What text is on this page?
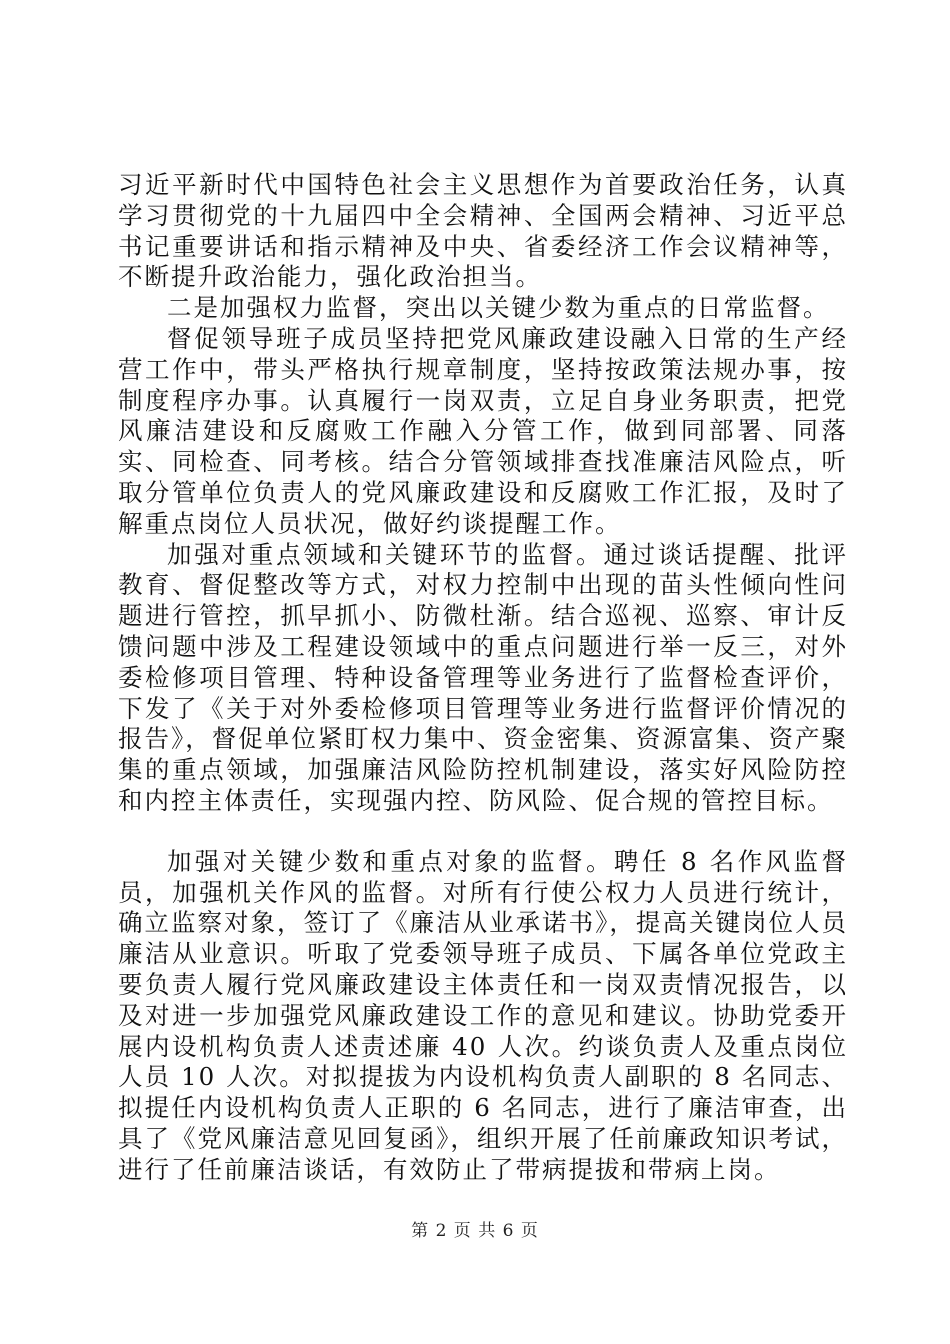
习近平新时代中国特色社会主义思想作为首要政治任务，认真学习贯彻党的十九届四中全会精神、全国两会精神、习近平总书记重要讲话和指示精神及中央、省委经济工作会议精神等，不断提升政治能力，强化政治担当。

二是加强权力监督，突出以关键少数为重点的日常监督。

督促领导班子成员坚持把党风廉政建设融入日常的生产经营工作中，带头严格执行规章制度，坚持按政策法规办事，按制度程序办事。认真履行一岗双责，立足自身业务职责，把党风廉洁建设和反腐败工作融入分管工作，做到同部署、同落实、同检查、同考核。结合分管领域排查找准廉洁风险点，听取分管单位负责人的党风廉政建设和反腐败工作汇报，及时了解重点岗位人员状况，做好约谈提醒工作。

加强对重点领域和关键环节的监督。通过谈话提醒、批评教育、督促整改等方式，对权力控制中出现的苗头性倾向性问题进行管控，抓早抓小、防微杜渐。结合巡视、巡察、审计反馈问题中涉及工程建设领域中的重点问题进行举一反三，对外委检修项目管理、特种设备管理等业务进行了监督检查评价，下发了《关于对外委检修项目管理等业务进行监督评价情况的报告》，督促单位紧盯权力集中、资金密集、资源富集、资产聚集的重点领域，加强廉洁风险防控机制建设，落实好风险防控和内控主体责任，实现强内控、防风险、促合规的管控目标。

加强对关键少数和重点对象的监督。聘任 8 名作风监督员，加强机关作风的监督。对所有行使公权力人员进行统计，确立监察对象，签订了《廉洁从业承诺书》，提高关键岗位人员廉洁从业意识。听取了党委领导班子成员、下属各单位党政主要负责人履行党风廉政建设主体责任和一岗双责情况报告，以及对进一步加强党风廉政建设工作的意见和建议。协助党委开展内设机构负责人述责述廉 40 人次。约谈负责人及重点岗位人员 10 人次。对拟提拔为内设机构负责人副职的 8 名同志、拟提任内设机构负责人正职的 6 名同志，进行了廉洁审查，出具了《党风廉洁意见回复函》，组织开展了任前廉政知识考试，进行了任前廉洁谈话，有效防止了带病提拔和带病上岗。

第 2 页 共 6 页
